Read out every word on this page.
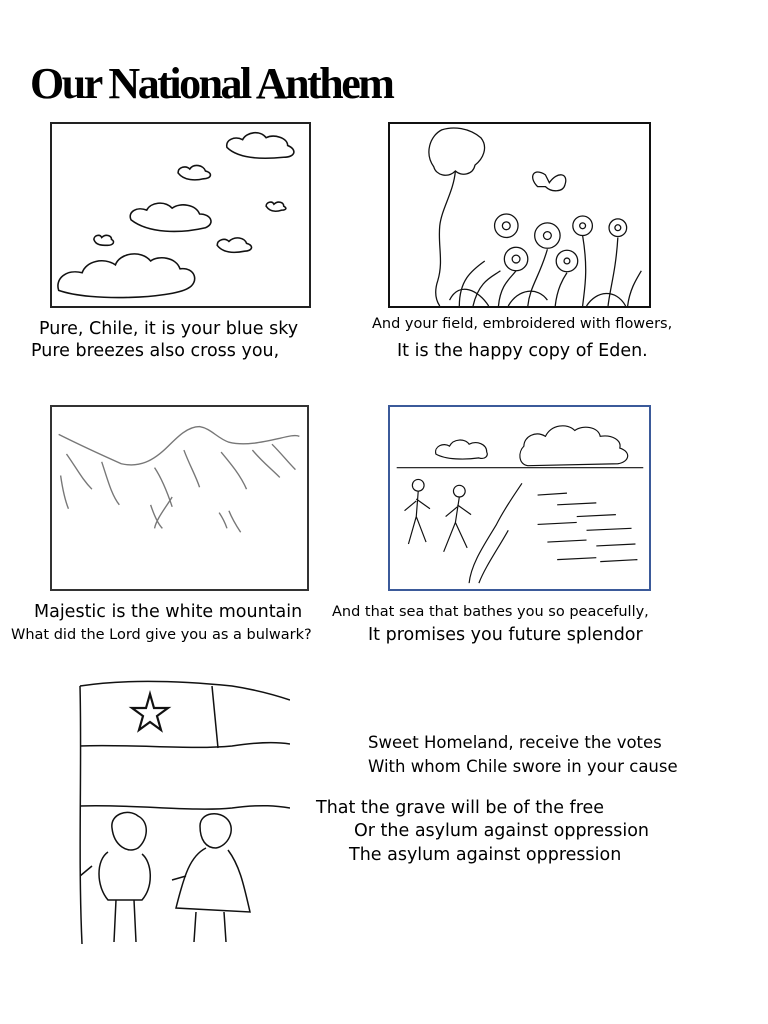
Our National Anthem
Pure, Chile, it is your blue sky
Pure breezes also cross you,
And your field, embroidered with flowers,
It is the happy copy of Eden.
Majestic is the white mountain
What did the Lord give you as a bulwark?
And that sea that bathes you so peacefully,
It promises you future splendor
Sweet Homeland, receive the votes
With whom Chile swore in your cause
That the grave will be of the free
Or the asylum against oppression
The asylum against oppression
